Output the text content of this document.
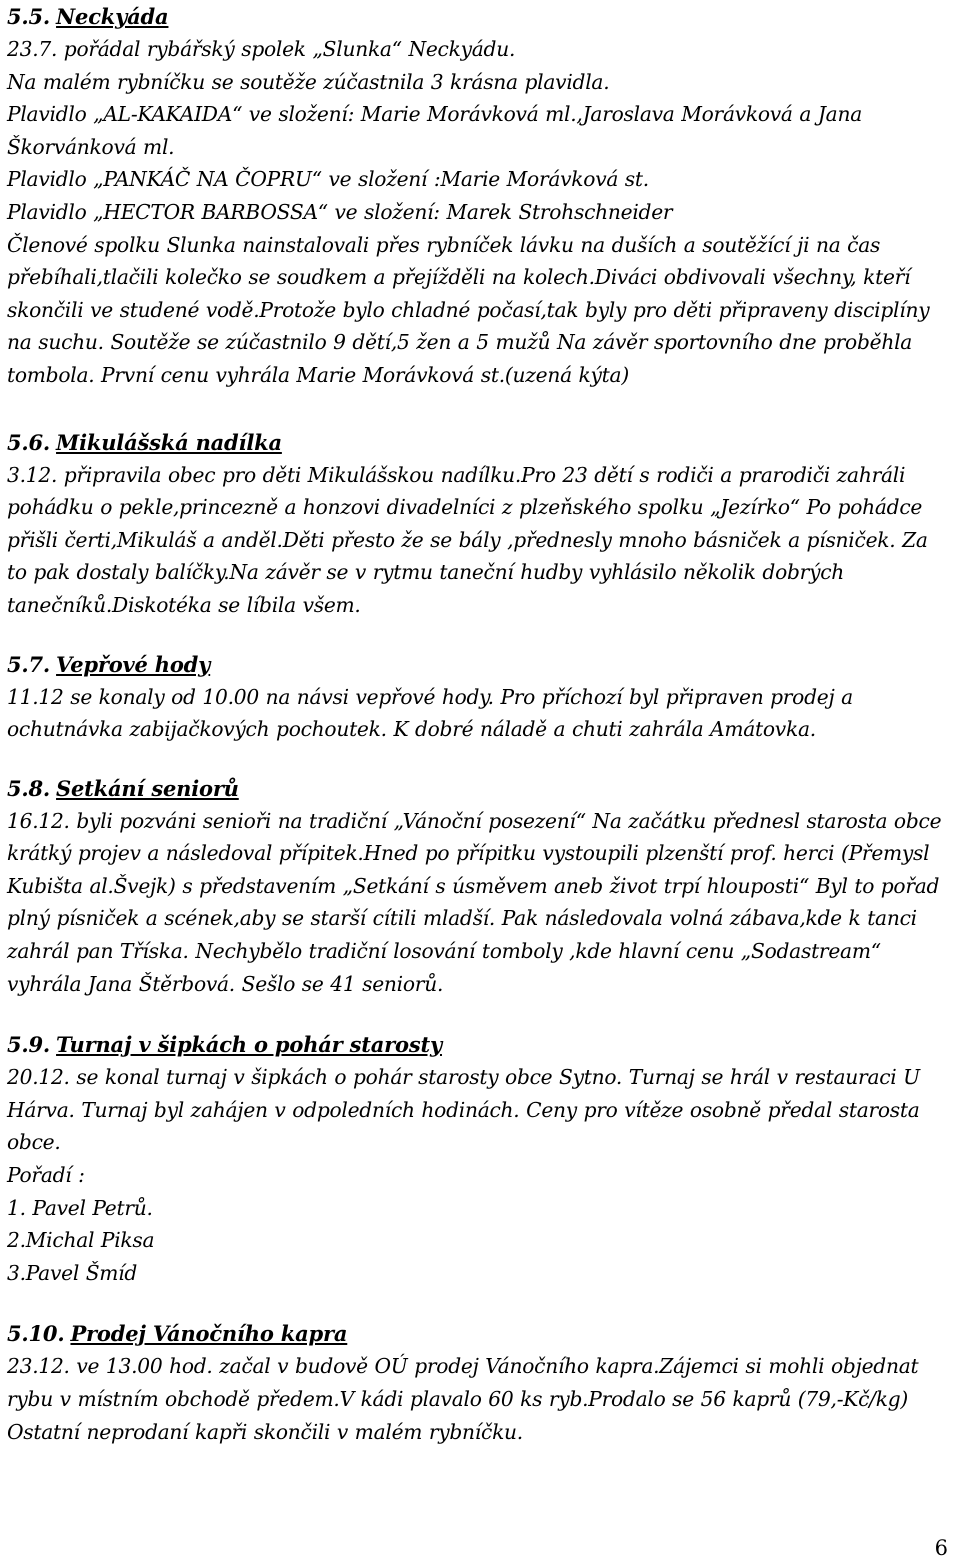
5.5. Neckyáda

23.7. pořádal rybářský spolek „Slunka“ Neckyádu.

Na malém rybníčku se soutěže zúčastnila 3 krásna plavidla.

Plavidlo „AL-KAKAIDA“ ve složení: Marie Morávková ml.,Jaroslava Morávková a Jana Škorvánková ml.

Plavidlo „PANKÁČ NA ČOPRU“ ve složení :Marie Morávková st.

Plavidlo „HECTOR BARBOSSA“ ve složení: Marek Strohschneider

Členové spolku Slunka nainstalovali přes rybníček lávku na duších a soutěžící ji na čas přebíhali,tlačili kolečko se soudkem a přejížděli na kolech.Diváci obdivovali všechny, kteří skončili ve studené vodě.Protože bylo chladné počasí,tak byly pro děti připraveny disciplíny na suchu. Soutěže se zúčastnilo 9 dětí,5 žen a 5 mužů Na závěr sportovního dne proběhla tombola. První cenu vyhrála Marie Morávková st.(uzená kýta)

5.6. Mikulášská nadílka

3.12. připravila obec pro děti Mikulášskou nadílku.Pro 23 dětí s rodiči a prarodiči zahráli pohádku o pekle,princezně a honzovi divadelníci z plzeňského spolku „Jezírko“ Po pohádce přišli čerti,Mikuláš a anděl.Děti přesto že se bály ,přednesly mnoho básniček a písniček. Za to pak dostaly balíčky.Na závěr se v rytmu taneční hudby vyhlásilo několik dobrých tanečníků.Diskotéka se líbila všem.

5.7. Vepřové hody

11.12 se konaly od 10.00 na návsi vepřové hody. Pro příchozí byl připraven prodej a ochutnávka zabijačkových pochoutek. K dobré náladě a chuti zahrála Amátovka.

5.8. Setkání seniorů

16.12. byli pozváni senioři na tradiční „Vánoční posezení“ Na začátku přednesl starosta obce krátký projev a následoval přípitek.Hned po přípitku vystoupili plzenští prof. herci (Přemysl Kubišta al.Švejk) s představením „Setkání s úsměvem aneb život trpí hlouposti“ Byl to pořad plný písniček a scének,aby se starší cítili mladší. Pak následovala volná zábava,kde k tanci zahrál pan Tříska. Nechybělo tradiční losování tomboly ,kde hlavní cenu „Sodastream“ vyhrála Jana Štěrbová. Sešlo se 41 seniorů.

5.9. Turnaj v šipkách o pohár starosty

20.12. se konal turnaj v šipkách o pohár starosty obce Sytno. Turnaj se hrál v restauraci U Hárva. Turnaj byl zahájen v odpoledních hodinách. Ceny pro vítěze osobně předal starosta obce.

Pořadí :

1. Pavel Petrů.

2.Michal Piksa

3.Pavel Šmíd

5.10. Prodej Vánočního kapra

23.12. ve 13.00 hod. začal v budově OÚ prodej Vánočního kapra.Zájemci si mohli objednat rybu v místním obchodě předem.V kádi plavalo 60 ks ryb.Prodalo se 56 kaprů (79,-Kč/kg) Ostatní neprodaní kapři skončili v malém rybníčku.

6
